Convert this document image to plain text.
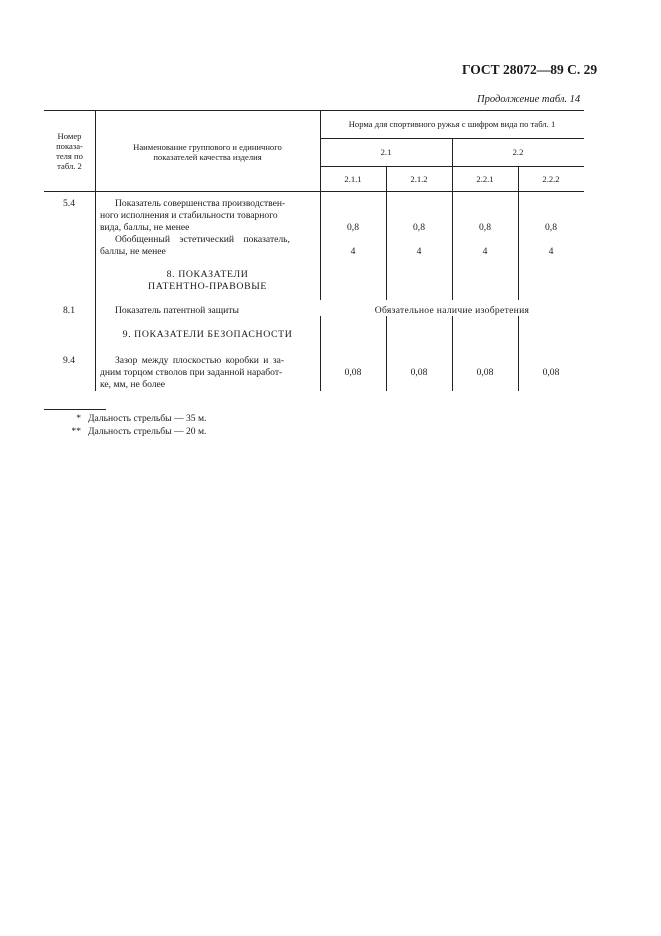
ГОСТ 28072—89 С. 29
Продолжение табл. 14
Номер
показа-
теля по
табл. 2
Наименование группового и единичного
показателей качества изделия
Норма для спортивного ружья с шифром вида по табл. 1
2.1	2.2
2.1.1	2.1.2	2.2.1	2.2.2
5.4	Показатель совершенства производствен-
ного исполнения и стабильности товарного
вида, баллы, не менее	0,8	0,8	0,8	0,8
Обобщенный эстетический показатель,
баллы, не менее	4	4	4	4
8. ПОКАЗАТЕЛИ
ПАТЕНТНО-ПРАВОВЫЕ
8.1	Показатель патентной защиты	Обязательное наличие изобретения
9. ПОКАЗАТЕЛИ БЕЗОПАСНОСТИ
9.4	Зазор между плоскостью коробки и за-
дним торцом стволов при заданной наработ-
ке, мм, не более
0,08	0,08	0,08	0,08
* Дальность стрельбы — 35 м.
** Дальность стрельбы — 20 м.
